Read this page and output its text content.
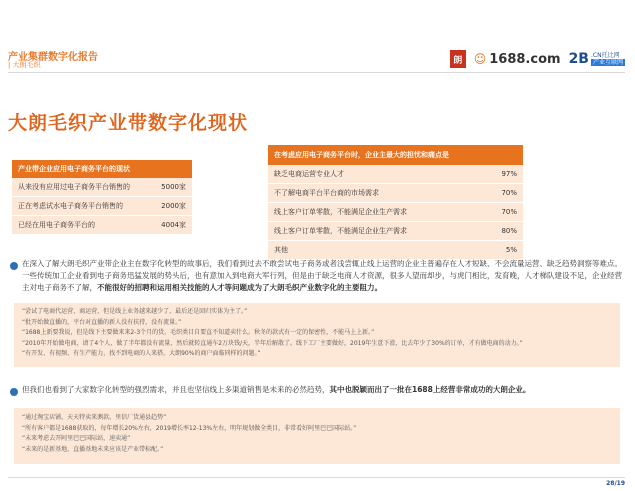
产业集群数字化报告
| 大朗毛织	朗 ☺ 1688.com 2B .CN托比网
产业互联网
大朗毛织产业带数字化现状
产业带企业应用电子商务平台的现状	
从来没有应用过电子商务平台销售的	5000家
正在考虑试水电子商务平台销售的	2000家
已经在用电子商务平台的	4004家
在考虑应用电子商务平台时，企业主最大的担忧和痛点是	
缺乏电商运营专业人才	97%
不了解电商平台平台商的市场需求	70%
线上客户订单零散，不能满足企业生产需求	70%
线上客户订单零散，不能满足企业生产需求	80%
其他	5%
在深入了解大朗毛织产业带企业主在数字化转型的故事后，我们看到过去不敢尝试电子商务或者浅尝辄止线上运营的企业主普遍存在人才短缺、不会流量运营、缺乏趋势洞察等难点。一些传统加工企业看到电子商务迅猛发展的势头后，也有意加入到电商大军行列，但是由于缺乏电商人才资源，很多人望而却步，与虎门相比，发育晚，人才梯队建设不足，企业经营主对电子商务不了解，不能很好的招聘和运用相关技能的人才等问题成为了大朗毛织产业数字化的主要阻力。

“尝试了电商代运营、商运营，但是线上业务越来越少了，最后还是回归实体为主了。”

“批开始做直播的，平台对直播的新人没有扶持，没有流量。”

“1688上新要我说，但是线下主要做来来2-3个月的货，毛织类目自要直不知道卖什么。秋冬的款式有一定的保密性，不能马上上新。”

“2010年开始做电商，请了4个人，做了半年都没有流量，然后就转直通车2万块钱/天，半年后解散了。线下工厂主要做好，2019年生意下滑，比去年少了30%的订单，才有做电商的动力。”

“有开发、有视频、有生产能力，找不到电商的人来搭，大朗90%的商户面临同样的问题。”

但我们也看到了大家数字化转型的强烈需求，并且也坚信线上多渠道销售是未来的必然趋势，其中也脱颖而出了一批在1688上经营非常成功的大朗企业。

“通过淘宝店铺，天天特卖来测款。里信厂货通县趋势”

“所有客户都是1688获取的，每年增长20%左右，2019增长率12-13%左右，明年规划做全类目，非常看好阿里巴巴国际站。”

“未来考虑去开阿里巴巴国际站，速卖通”

“未来的是新基地，直播基地未来应该是产业带标配。”

28/19
